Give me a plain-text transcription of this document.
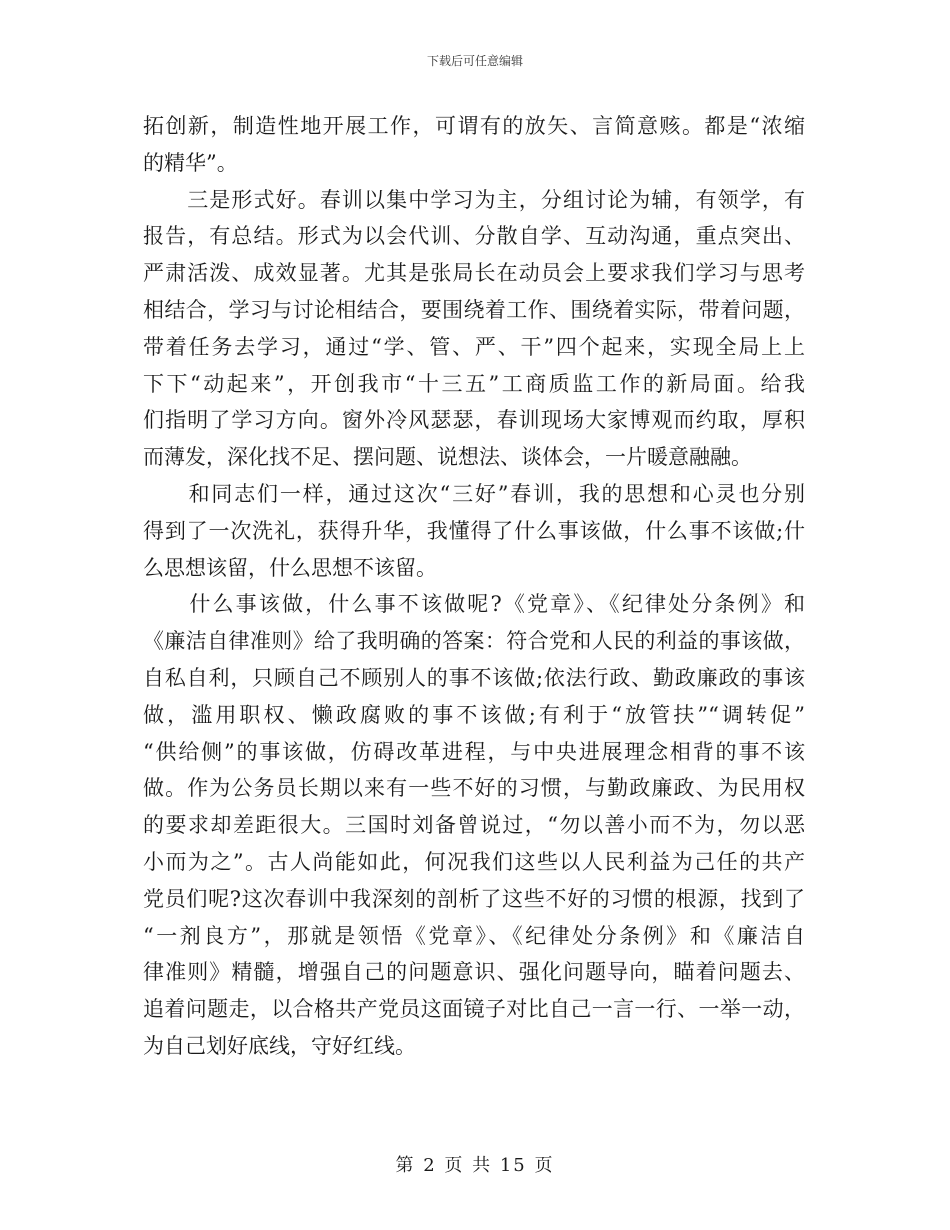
下载后可任意编辑
拓创新，制造性地开展工作，可谓有的放矢、言简意赅。都是“浓缩
的精华”。
　　三是形式好。春训以集中学习为主，分组讨论为辅，有领学，有
报告，有总结。形式为以会代训、分散自学、互动沟通，重点突出、
严肃活泼、成效显著。尤其是张局长在动员会上要求我们学习与思考
相结合，学习与讨论相结合，要围绕着工作、围绕着实际，带着问题，
带着任务去学习，通过“学、管、严、干”四个起来，实现全局上上
下下“动起来”，开创我市“十三五”工商质监工作的新局面。给我
们指明了学习方向。窗外冷风瑟瑟，春训现场大家博观而约取，厚积
而薄发，深化找不足、摆问题、说想法、谈体会，一片暖意融融。
　　和同志们一样，通过这次“三好”春训，我的思想和心灵也分别
得到了一次洗礼，获得升华，我懂得了什么事该做，什么事不该做;什
么思想该留，什么思想不该留。
　　什么事该做，什么事不该做呢?《党章》、《纪律处分条例》和
《廉洁自律准则》给了我明确的答案：符合党和人民的利益的事该做，
自私自利，只顾自己不顾别人的事不该做;依法行政、勤政廉政的事该
做，滥用职权、懒政腐败的事不该做;有利于“放管扶”“调转促”
“供给侧”的事该做，仿碍改革进程，与中央进展理念相背的事不该
做。作为公务员长期以来有一些不好的习惯，与勤政廉政、为民用权
的要求却差距很大。三国时刘备曾说过，“勿以善小而不为，勿以恶
小而为之”。古人尚能如此，何况我们这些以人民利益为己任的共产
党员们呢?这次春训中我深刻的剖析了这些不好的习惯的根源，找到了
“一剂良方”，那就是领悟《党章》、《纪律处分条例》和《廉洁自
律准则》精髓，增强自己的问题意识、强化问题导向，瞄着问题去、
追着问题走，以合格共产党员这面镜子对比自己一言一行、一举一动，
为自己划好底线，守好红线。
第 2 页 共 15 页
